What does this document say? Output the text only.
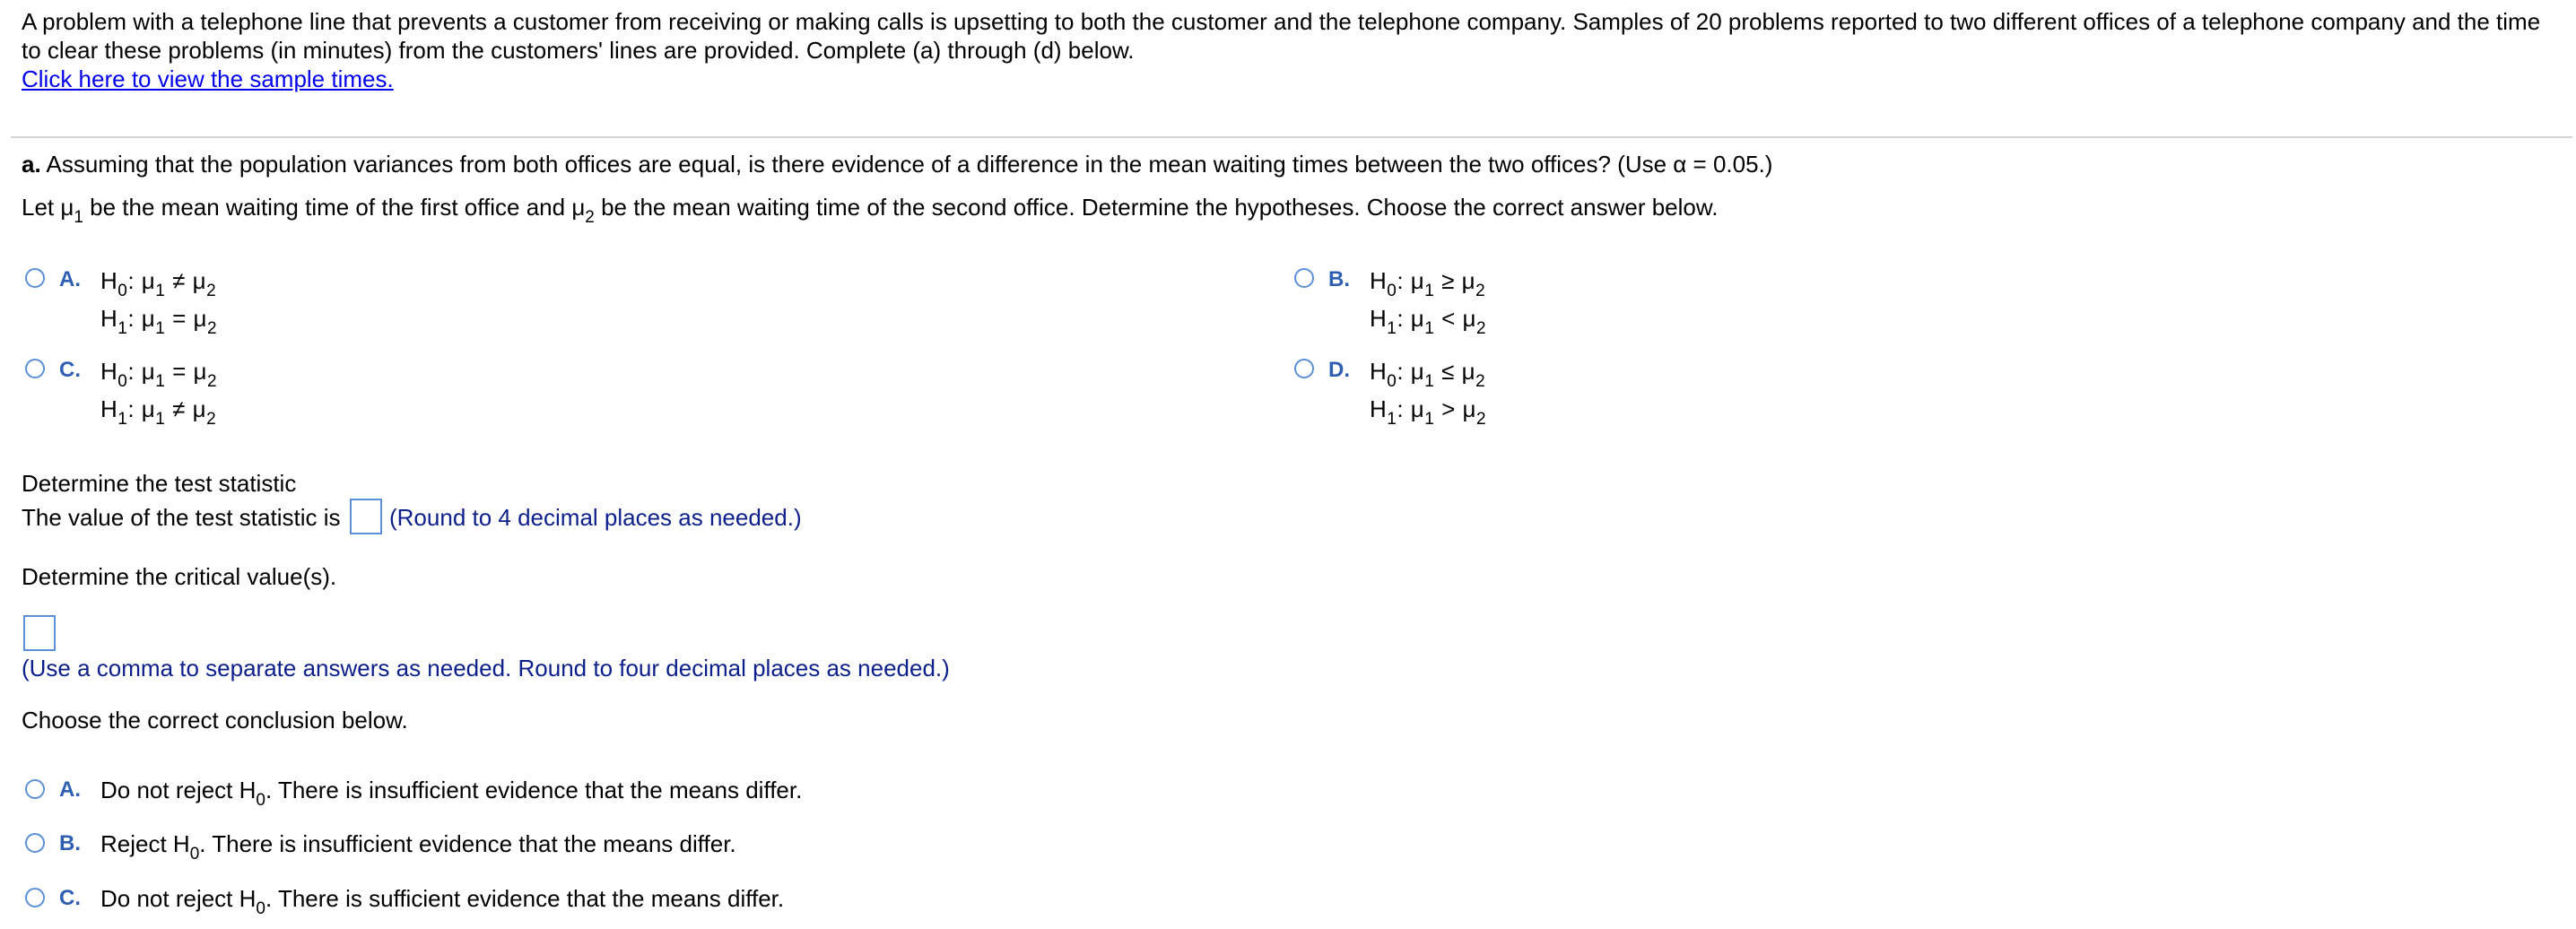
A problem with a telephone line that prevents a customer from receiving or making calls is upsetting to both the customer and the telephone company. Samples of 20 problems reported to two different offices of a telephone company and the time to clear these problems (in minutes) from the customers' lines are provided. Complete (a) through (d) below.
Click here to view the sample times.
a. Assuming that the population variances from both offices are equal, is there evidence of a difference in the mean waiting times between the two offices? (Use α = 0.05.)
Let $\mu_1$ be the mean waiting time of the first office and $\mu_2$ be the mean waiting time of the second office. Determine the hypotheses. Choose the correct answer below.
A. $H_0$: $\mu_1 \ne \mu_2$
$H_1$: $\mu_1 = \mu_2$
B. $H_0$: $\mu_1 \ge \mu_2$
$H_1$: $\mu_1 < \mu_2$
C. $H_0$: $\mu_1 = \mu_2$
$H_1$: $\mu_1 \ne \mu_2$
D. $H_0$: $\mu_1 \le \mu_2$
$H_1$: $\mu_1 > \mu_2$
Determine the test statistic
The value of the test statistic is (Round to 4 decimal places as needed.)
Determine the critical value(s).
(Use a comma to separate answers as needed. Round to four decimal places as needed.)
Choose the correct conclusion below.
A. Do not reject $H_0$. There is insufficient evidence that the means differ.
B. Reject $H_0$. There is insufficient evidence that the means differ.
C. Do not reject $H_0$. There is sufficient evidence that the means differ.
